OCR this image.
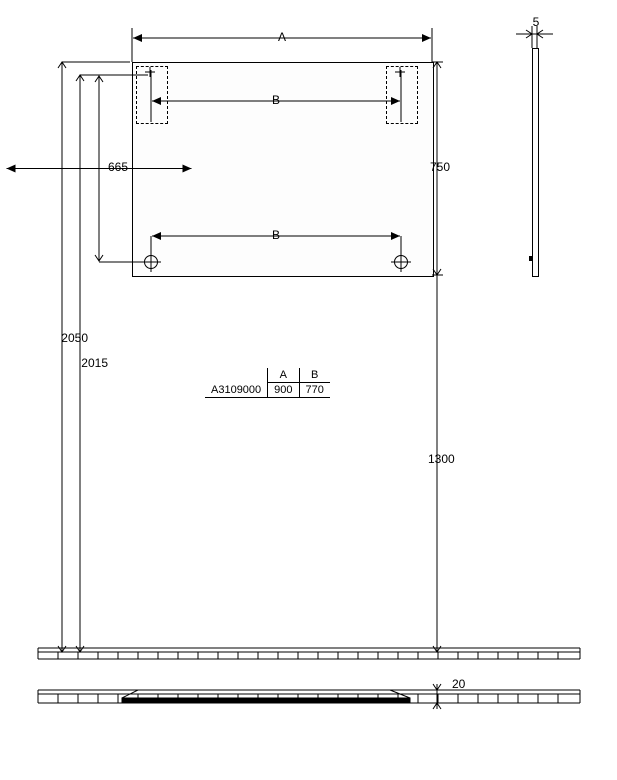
A
B
B
665	750
2050
2015
1300
5
20
	A	B
A3109000	900	770
